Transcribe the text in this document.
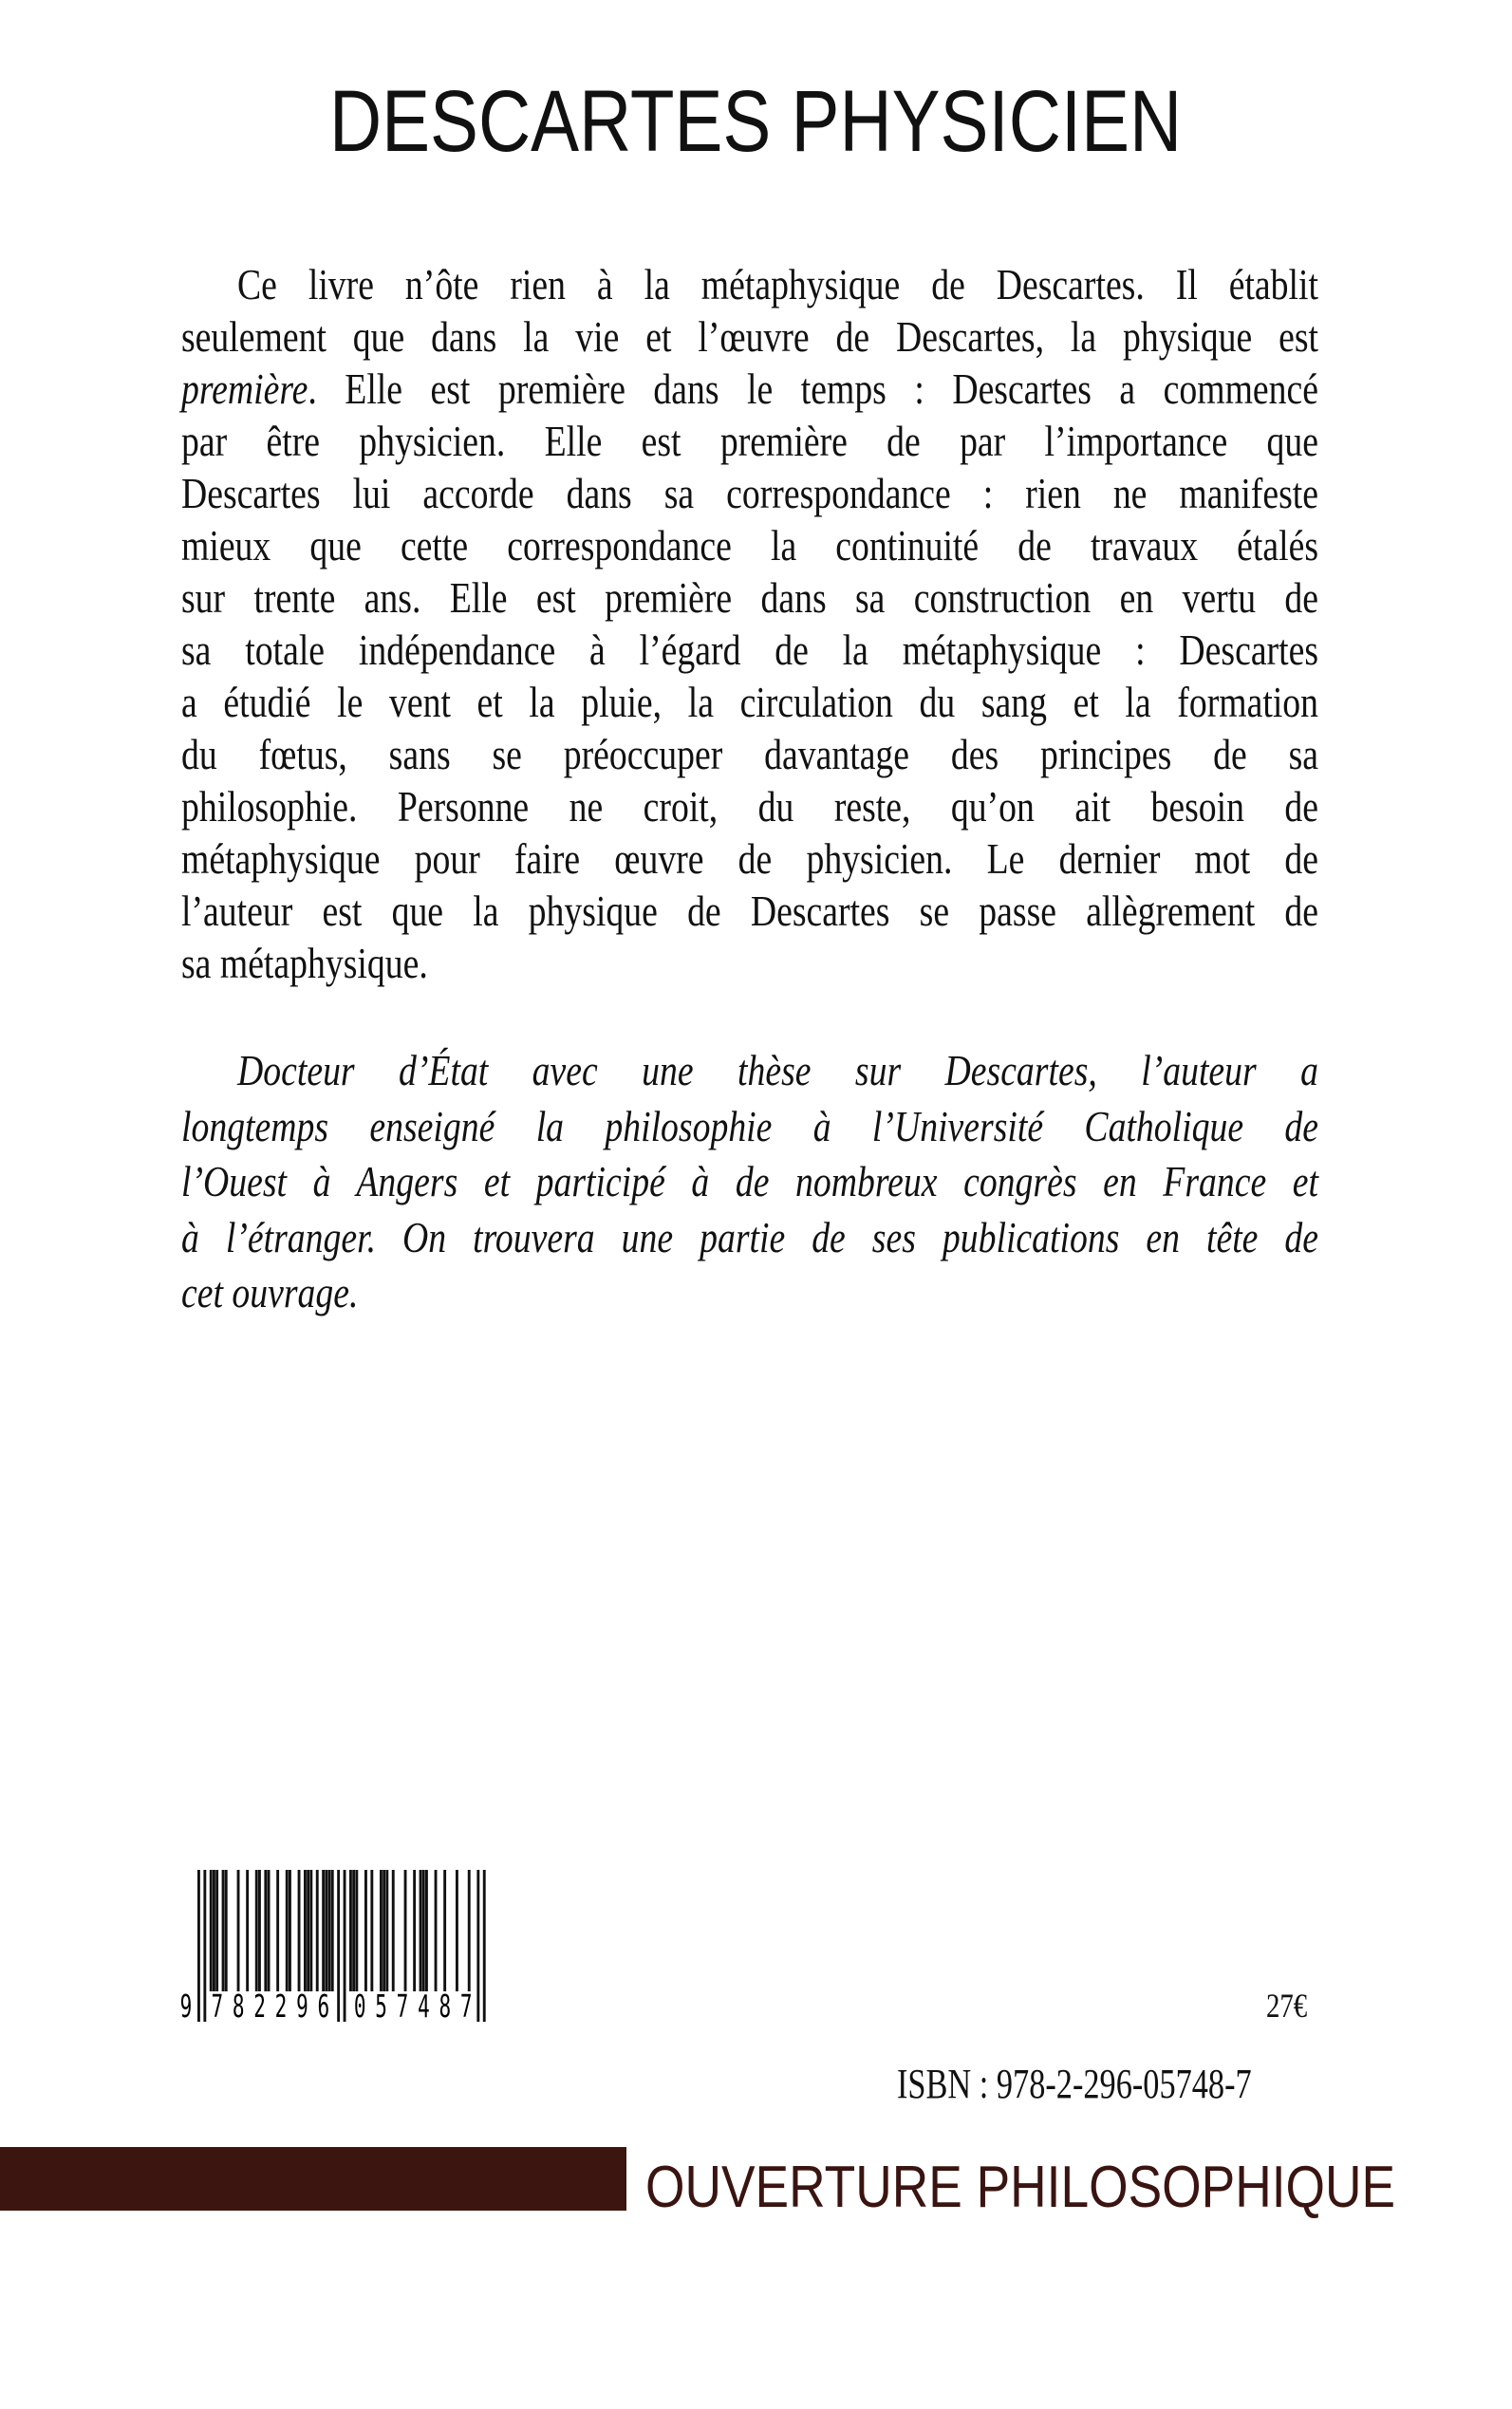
DESCARTES PHYSICIEN
Ce livre n’ôte rien à la métaphysique de Descartes. Il établit
seulement que dans la vie et l’œuvre de Descartes, la physique est
première. Elle est première dans le temps : Descartes a commencé
par être physicien. Elle est première de par l’importance que
Descartes lui accorde dans sa correspondance : rien ne manifeste
mieux que cette correspondance la continuité de travaux étalés
sur trente ans. Elle est première dans sa construction en vertu de
sa totale indépendance à l’égard de la métaphysique : Descartes
a étudié le vent et la pluie, la circulation du sang et la formation
du fœtus, sans se préoccuper davantage des principes de sa
philosophie. Personne ne croit, du reste, qu’on ait besoin de
métaphysique pour faire œuvre de physicien. Le dernier mot de
l’auteur est que la physique de Descartes se passe allègrement de
sa métaphysique.
Docteur d’État avec une thèse sur Descartes, l’auteur a
longtemps enseigné la philosophie à l’Université Catholique de
l’Ouest à Angers et participé à de nombreux congrès en France et
à l’étranger. On trouvera une partie de ses publications en tête de
cet ouvrage.
9 7 8 2 2 9 6 0 5 7 4 8 7	27€
ISBN : 978-2-296-05748-7
OUVERTURE PHILOSOPHIQUE
